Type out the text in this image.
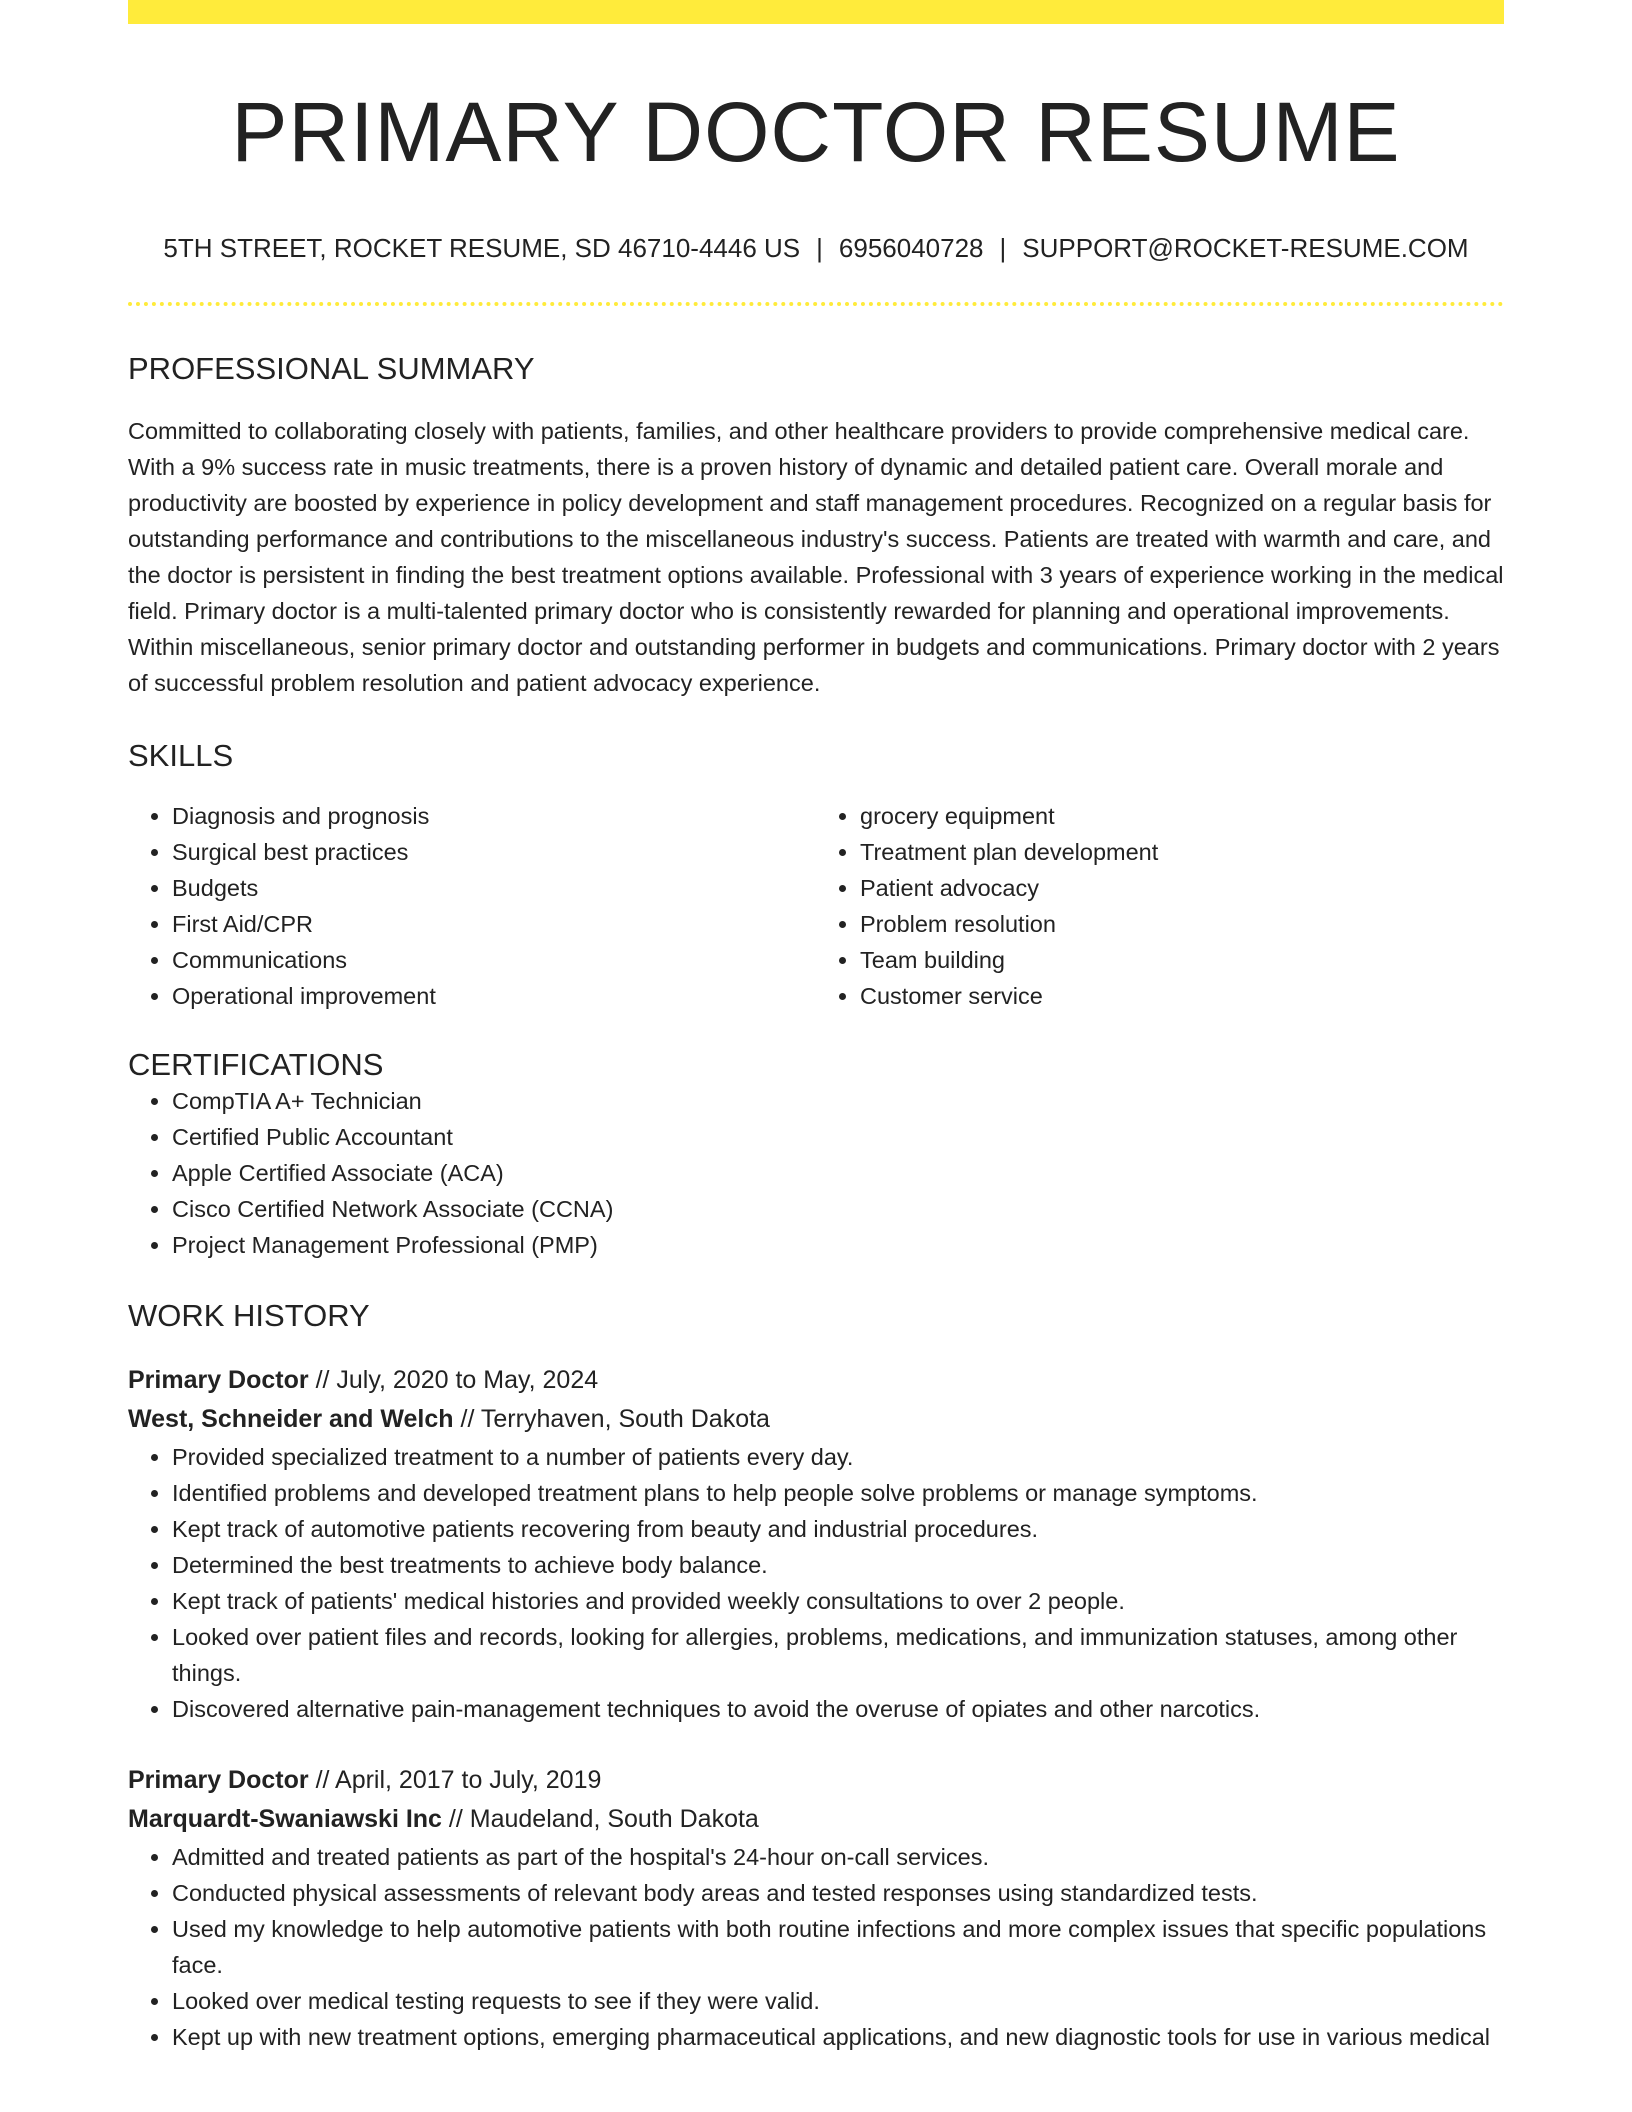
PRIMARY DOCTOR RESUME
5TH STREET, ROCKET RESUME, SD 46710-4446 US | 6956040728 | SUPPORT@ROCKET-RESUME.COM
PROFESSIONAL SUMMARY
Committed to collaborating closely with patients, families, and other healthcare providers to provide comprehensive medical care. With a 9% success rate in music treatments, there is a proven history of dynamic and detailed patient care. Overall morale and productivity are boosted by experience in policy development and staff management procedures. Recognized on a regular basis for outstanding performance and contributions to the miscellaneous industry's success. Patients are treated with warmth and care, and the doctor is persistent in finding the best treatment options available. Professional with 3 years of experience working in the medical field. Primary doctor is a multi-talented primary doctor who is consistently rewarded for planning and operational improvements. Within miscellaneous, senior primary doctor and outstanding performer in budgets and communications. Primary doctor with 2 years of successful problem resolution and patient advocacy experience.
SKILLS
• Diagnosis and prognosis
• Surgical best practices
• Budgets
• First Aid/CPR
• Communications
• Operational improvement
• grocery equipment
• Treatment plan development
• Patient advocacy
• Problem resolution
• Team building
• Customer service
CERTIFICATIONS
• CompTIA A+ Technician
• Certified Public Accountant
• Apple Certified Associate (ACA)
• Cisco Certified Network Associate (CCNA)
• Project Management Professional (PMP)
WORK HISTORY
Primary Doctor // July, 2020 to May, 2024
West, Schneider and Welch // Terryhaven, South Dakota
• Provided specialized treatment to a number of patients every day.
• Identified problems and developed treatment plans to help people solve problems or manage symptoms.
• Kept track of automotive patients recovering from beauty and industrial procedures.
• Determined the best treatments to achieve body balance.
• Kept track of patients' medical histories and provided weekly consultations to over 2 people.
• Looked over patient files and records, looking for allergies, problems, medications, and immunization statuses, among other things.
• Discovered alternative pain-management techniques to avoid the overuse of opiates and other narcotics.
Primary Doctor // April, 2017 to July, 2019
Marquardt-Swaniawski Inc // Maudeland, South Dakota
• Admitted and treated patients as part of the hospital's 24-hour on-call services.
• Conducted physical assessments of relevant body areas and tested responses using standardized tests.
• Used my knowledge to help automotive patients with both routine infections and more complex issues that specific populations face.
• Looked over medical testing requests to see if they were valid.
• Kept up with new treatment options, emerging pharmaceutical applications, and new diagnostic tools for use in various medical
